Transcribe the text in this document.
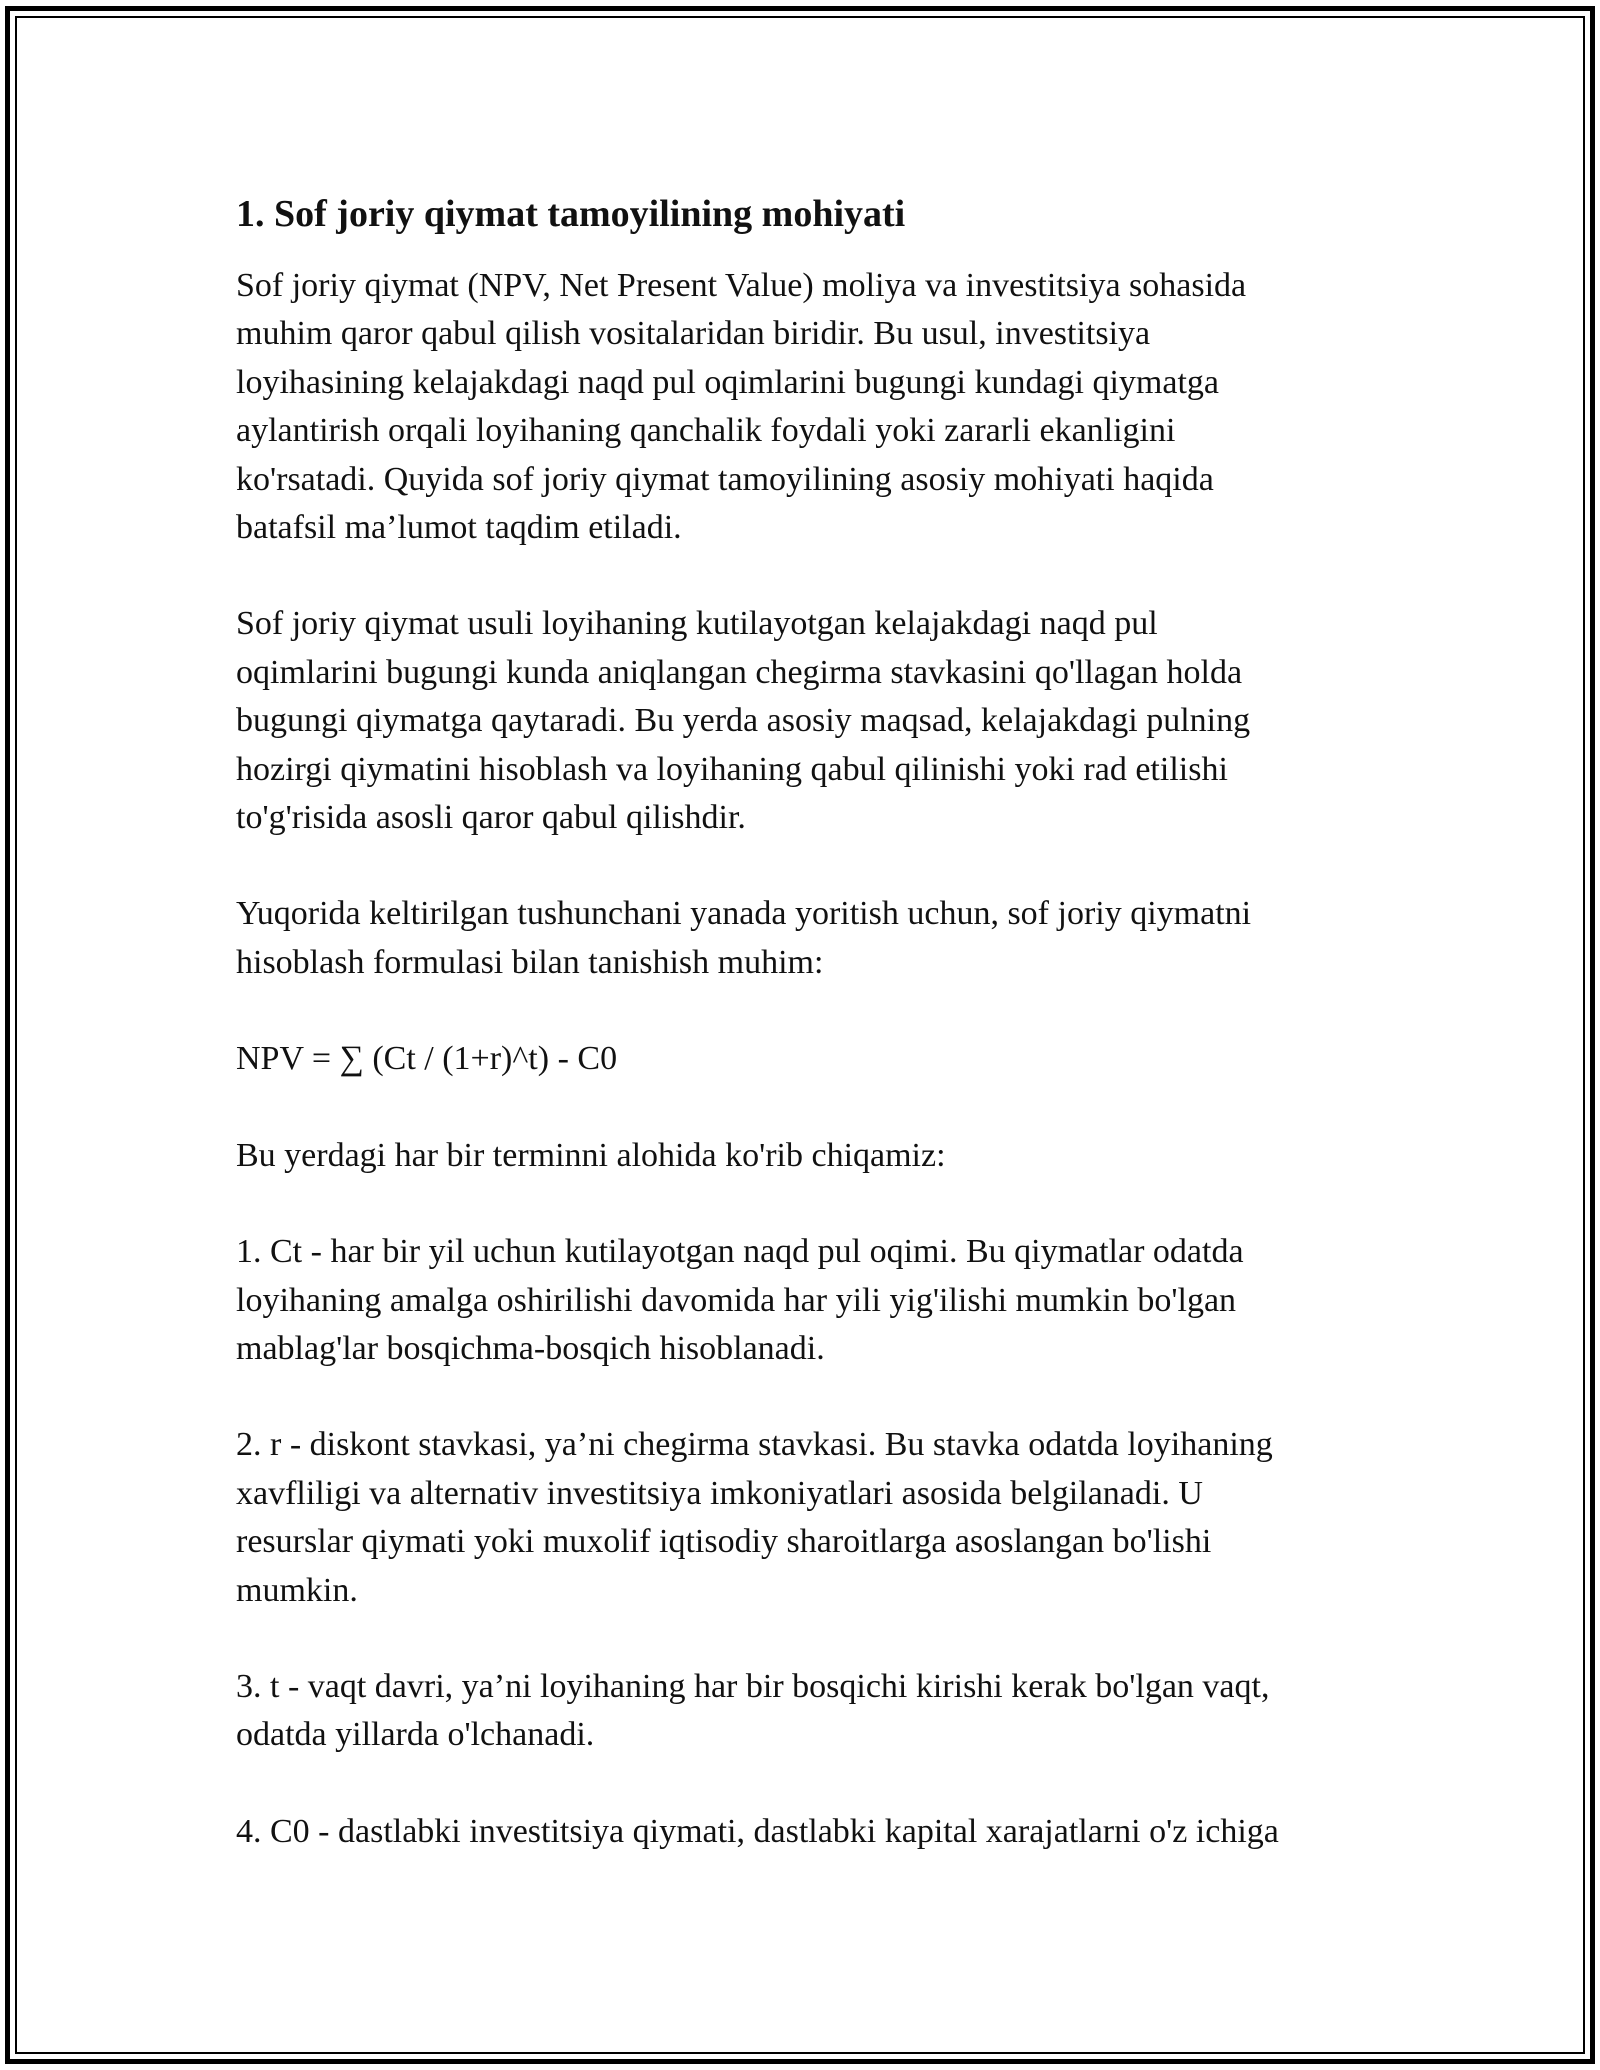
1. Sof joriy qiymat tamoyilining mohiyati

Sof joriy qiymat (NPV, Net Present Value) moliya va investitsiya sohasida
muhim qaror qabul qilish vositalaridan biridir. Bu usul, investitsiya
loyihasining kelajakdagi naqd pul oqimlarini bugungi kundagi qiymatga
aylantirish orqali loyihaning qanchalik foydali yoki zararli ekanligini
ko'rsatadi. Quyida sof joriy qiymat tamoyilining asosiy mohiyati haqida
batafsil ma’lumot taqdim etiladi.

Sof joriy qiymat usuli loyihaning kutilayotgan kelajakdagi naqd pul
oqimlarini bugungi kunda aniqlangan chegirma stavkasini qo'llagan holda
bugungi qiymatga qaytaradi. Bu yerda asosiy maqsad, kelajakdagi pulning
hozirgi qiymatini hisoblash va loyihaning qabul qilinishi yoki rad etilishi
to'g'risida asosli qaror qabul qilishdir.

Yuqorida keltirilgan tushunchani yanada yoritish uchun, sof joriy qiymatni
hisoblash formulasi bilan tanishish muhim:

NPV = ∑ (Ct / (1+r)^t) - C0

Bu yerdagi har bir terminni alohida ko'rib chiqamiz:

1. Ct - har bir yil uchun kutilayotgan naqd pul oqimi. Bu qiymatlar odatda
loyihaning amalga oshirilishi davomida har yili yig'ilishi mumkin bo'lgan
mablag'lar bosqichma-bosqich hisoblanadi.

2. r - diskont stavkasi, ya’ni chegirma stavkasi. Bu stavka odatda loyihaning
xavfliligi va alternativ investitsiya imkoniyatlari asosida belgilanadi. U
resurslar qiymati yoki muxolif iqtisodiy sharoitlarga asoslangan bo'lishi
mumkin.

3. t - vaqt davri, ya’ni loyihaning har bir bosqichi kirishi kerak bo'lgan vaqt,
odatda yillarda o'lchanadi.

4. C0 - dastlabki investitsiya qiymati, dastlabki kapital xarajatlarni o'z ichiga
